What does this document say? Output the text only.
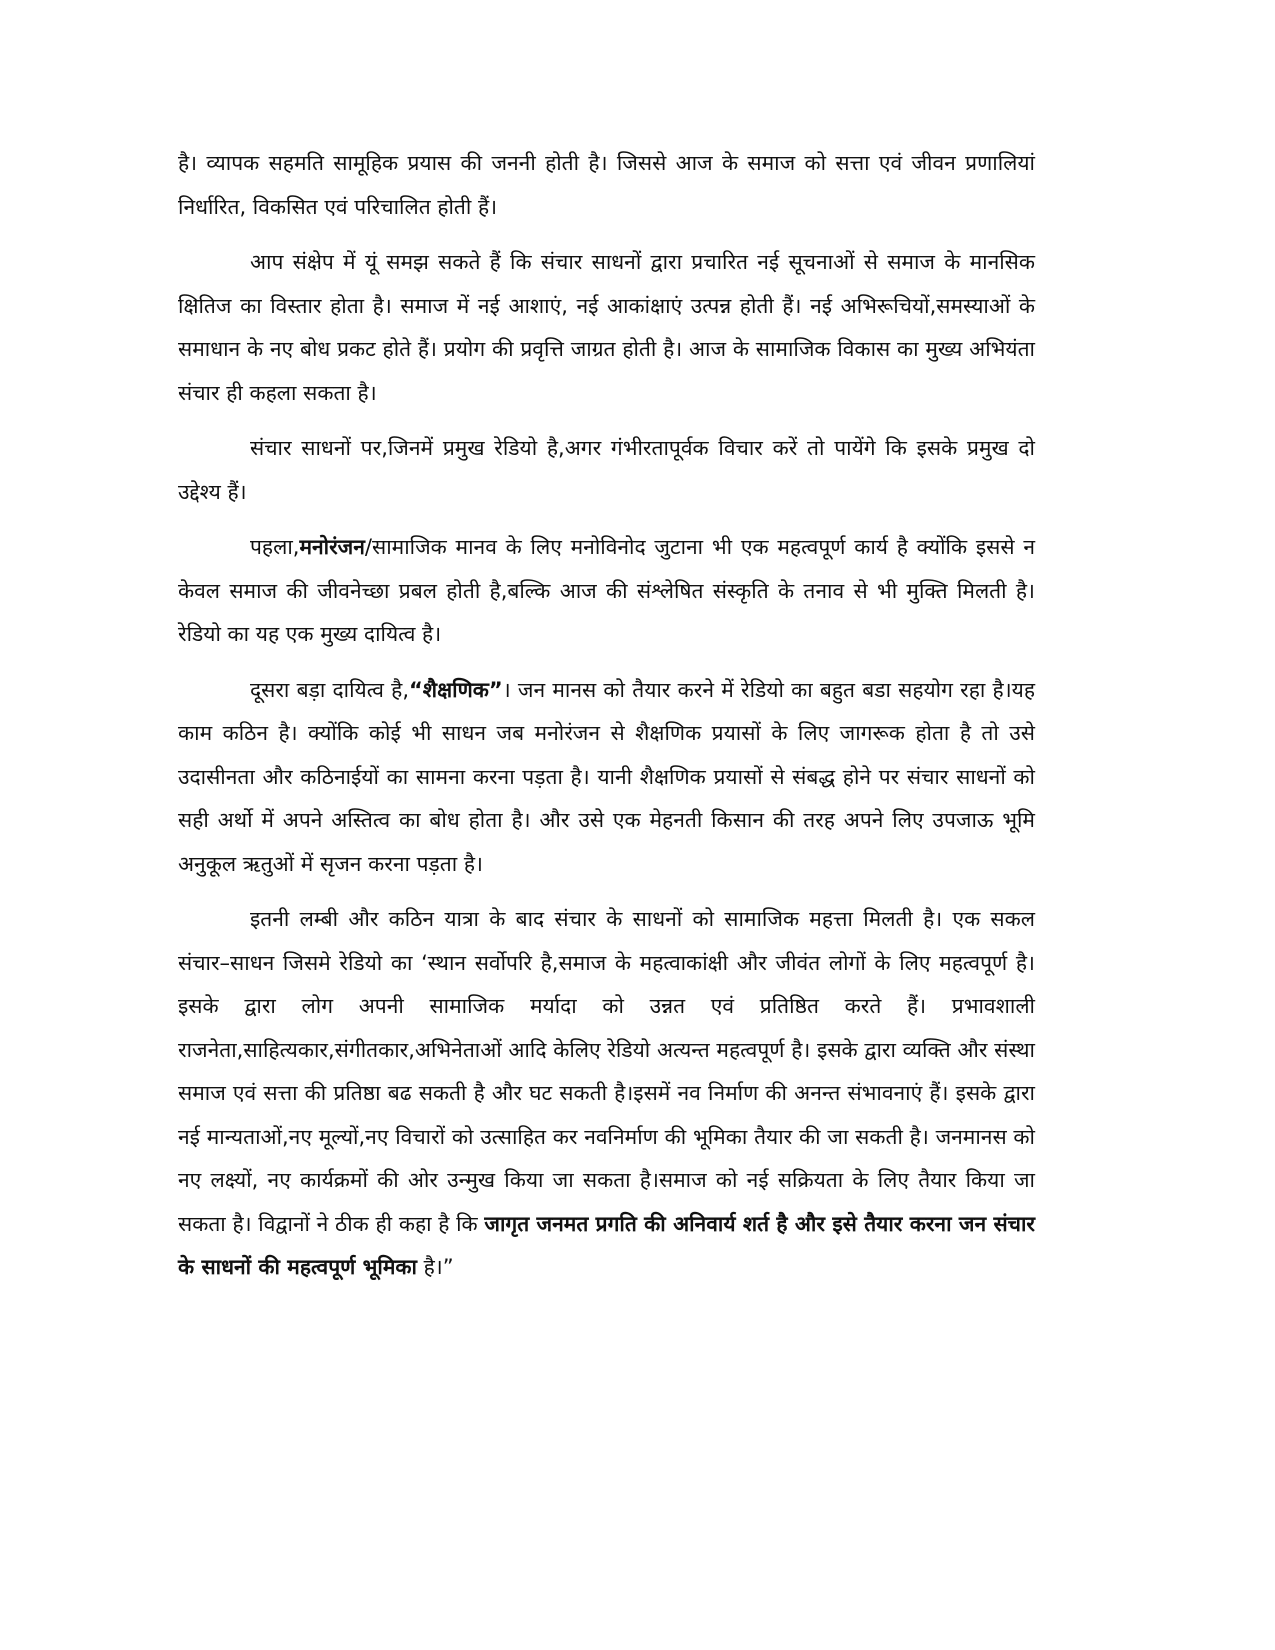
है। व्यापक सहमति सामूहिक प्रयास की जननी होती है। जिससे आज के समाज को सत्ता एवं जीवन प्रणालियां निर्धारित, विकसित एवं परिचालित होती हैं।

आप संक्षेप में यूं समझ सकते हैं कि संचार साधनों द्वारा प्रचारित नई सूचनाओं से समाज के मानसिक क्षितिज का विस्तार होता है। समाज में नई आशाएं, नई आकांक्षाएं उत्पन्न होती हैं। नई अभिरूचियों,समस्याओं के समाधान के नए बोध प्रकट होते हैं। प्रयोग की प्रवृत्ति जाग्रत होती है। आज के सामाजिक विकास का मुख्य अभियंता संचार ही कहला सकता है।

संचार साधनों पर,जिनमें प्रमुख रेडियो है,अगर गंभीरतापूर्वक विचार करें तो पायेंगे कि इसके प्रमुख दो उद्देश्य हैं।

पहला,मनोरंजन/सामाजिक मानव के लिए मनोविनोद जुटाना भी एक महत्वपूर्ण कार्य है क्योंकि इससे न केवल समाज की जीवनेच्छा प्रबल होती है,बल्कि आज की संश्लेषित संस्कृति के तनाव से भी मुक्ति मिलती है। रेडियो का यह एक मुख्य दायित्व है।

दूसरा बड़ा दायित्व है,“शैक्षणिक”। जन मानस को तैयार करने में रेडियो का बहुत बडा सहयोग रहा है।यह काम कठिन है। क्योंकि कोई भी साधन जब मनोरंजन से शैक्षणिक प्रयासों के लिए जागरूक होता है तो उसे उदासीनता और कठिनाईयों का सामना करना पड़ता है। यानी शैक्षणिक प्रयासों से संबद्ध होने पर संचार साधनों को सही अर्थो में अपने अस्तित्व का बोध होता है। और उसे एक मेहनती किसान की तरह अपने लिए उपजाऊ भूमि अनुकूल ऋतुओं में सृजन करना पड़ता है।

इतनी लम्बी और कठिन यात्रा के बाद संचार के साधनों को सामाजिक महत्ता मिलती है। एक सकल संचार–साधन जिसमे रेडियो का ‘स्थान सर्वोपरि है,समाज के महत्वाकांक्षी और जीवंत लोगों के लिए महत्वपूर्ण है। इसके द्वारा लोग अपनी सामाजिक मर्यादा को उन्नत एवं प्रतिष्ठित करते हैं। प्रभावशाली राजनेता,साहित्यकार,संगीतकार,अभिनेताओं आदि केलिए रेडियो अत्यन्त महत्वपूर्ण है। इसके द्वारा व्यक्ति और संस्था समाज एवं सत्ता की प्रतिष्ठा बढ सकती है और घट सकती है।इसमें नव निर्माण की अनन्त संभावनाएं हैं। इसके द्वारा नई मान्यताओं,नए मूल्यों,नए विचारों को उत्साहित कर नवनिर्माण की भूमिका तैयार की जा सकती है। जनमानस को नए लक्ष्यों, नए कार्यक्रमों की ओर उन्मुख किया जा सकता है।समाज को नई सक्रियता के लिए तैयार किया जा सकता है। विद्वानों ने ठीक ही कहा है कि जागृत जनमत प्रगति की अनिवार्य शर्त है और इसे तैयार करना जन संचार के साधनों की महत्वपूर्ण भूमिका है।”
